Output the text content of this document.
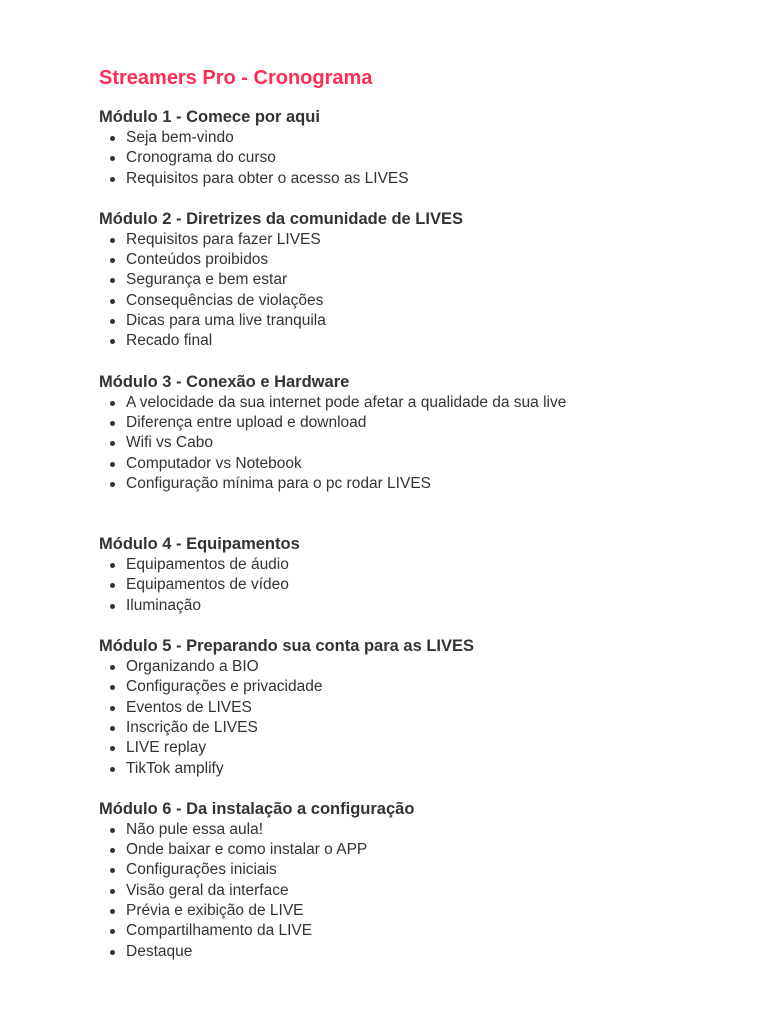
Streamers Pro - Cronograma
Módulo 1 - Comece por aqui
Seja bem-vindo
Cronograma do curso
Requisitos para obter o acesso as LIVES
Módulo 2 - Diretrizes da comunidade de LIVES
Requisitos para fazer LIVES
Conteúdos proibidos
Segurança e bem estar
Consequências de violações
Dicas para uma live tranquila
Recado final
Módulo 3 - Conexão e Hardware
A velocidade da sua internet pode afetar a qualidade da sua live
Diferença entre upload e download
Wifi vs Cabo
Computador vs Notebook
Configuração mínima para o pc rodar LIVES
Módulo 4 - Equipamentos
Equipamentos de áudio
Equipamentos de vídeo
Iluminação
Módulo 5 - Preparando sua conta para as LIVES
Organizando a BIO
Configurações e privacidade
Eventos de LIVES
Inscrição de LIVES
LIVE replay
TikTok amplify
Módulo 6 - Da instalação a configuração
Não pule essa aula!
Onde baixar e como instalar o APP
Configurações iniciais
Visão geral da interface
Prévia e exibição de LIVE
Compartilhamento da LIVE
Destaque
